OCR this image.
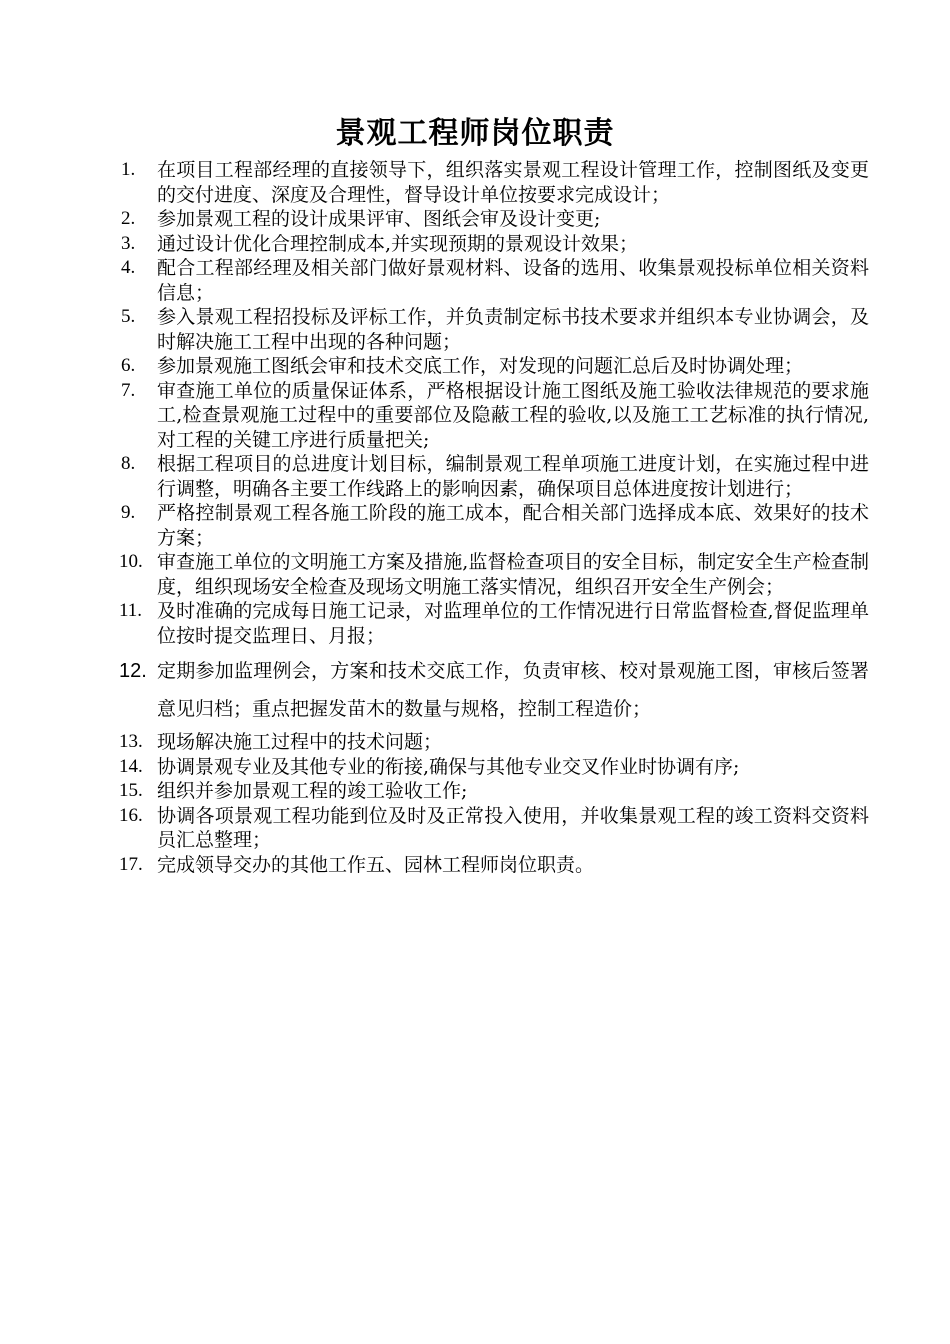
景观工程师岗位职责
1. 在项目工程部经理的直接领导下，组织落实景观工程设计管理工作，控制图纸及变更的交付进度、深度及合理性，督导设计单位按要求完成设计；
2. 参加景观工程的设计成果评审、图纸会审及设计变更;
3. 通过设计优化合理控制成本,并实现预期的景观设计效果；
4. 配合工程部经理及相关部门做好景观材料、设备的选用、收集景观投标单位相关资料信息；
5. 参入景观工程招投标及评标工作，并负责制定标书技术要求并组织本专业协调会，及时解决施工工程中出现的各种问题；
6. 参加景观施工图纸会审和技术交底工作，对发现的问题汇总后及时协调处理；
7. 审查施工单位的质量保证体系，严格根据设计施工图纸及施工验收法律规范的要求施工,检查景观施工过程中的重要部位及隐蔽工程的验收,以及施工工艺标准的执行情况,对工程的关键工序进行质量把关;
8. 根据工程项目的总进度计划目标，编制景观工程单项施工进度计划，在实施过程中进行调整，明确各主要工作线路上的影响因素，确保项目总体进度按计划进行；
9. 严格控制景观工程各施工阶段的施工成本，配合相关部门选择成本底、效果好的技术方案；
10. 审查施工单位的文明施工方案及措施,监督检查项目的安全目标，制定安全生产检查制度，组织现场安全检查及现场文明施工落实情况，组织召开安全生产例会；
11. 及时准确的完成每日施工记录，对监理单位的工作情况进行日常监督检查,督促监理单位按时提交监理日、月报；
12. 定期参加监理例会，方案和技术交底工作，负责审核、校对景观施工图，审核后签署意见归档；重点把握发苗木的数量与规格，控制工程造价；
13. 现场解决施工过程中的技术问题；
14. 协调景观专业及其他专业的衔接,确保与其他专业交叉作业时协调有序;
15. 组织并参加景观工程的竣工验收工作;
16. 协调各项景观工程功能到位及时及正常投入使用，并收集景观工程的竣工资料交资料员汇总整理；
17. 完成领导交办的其他工作五、园林工程师岗位职责。
